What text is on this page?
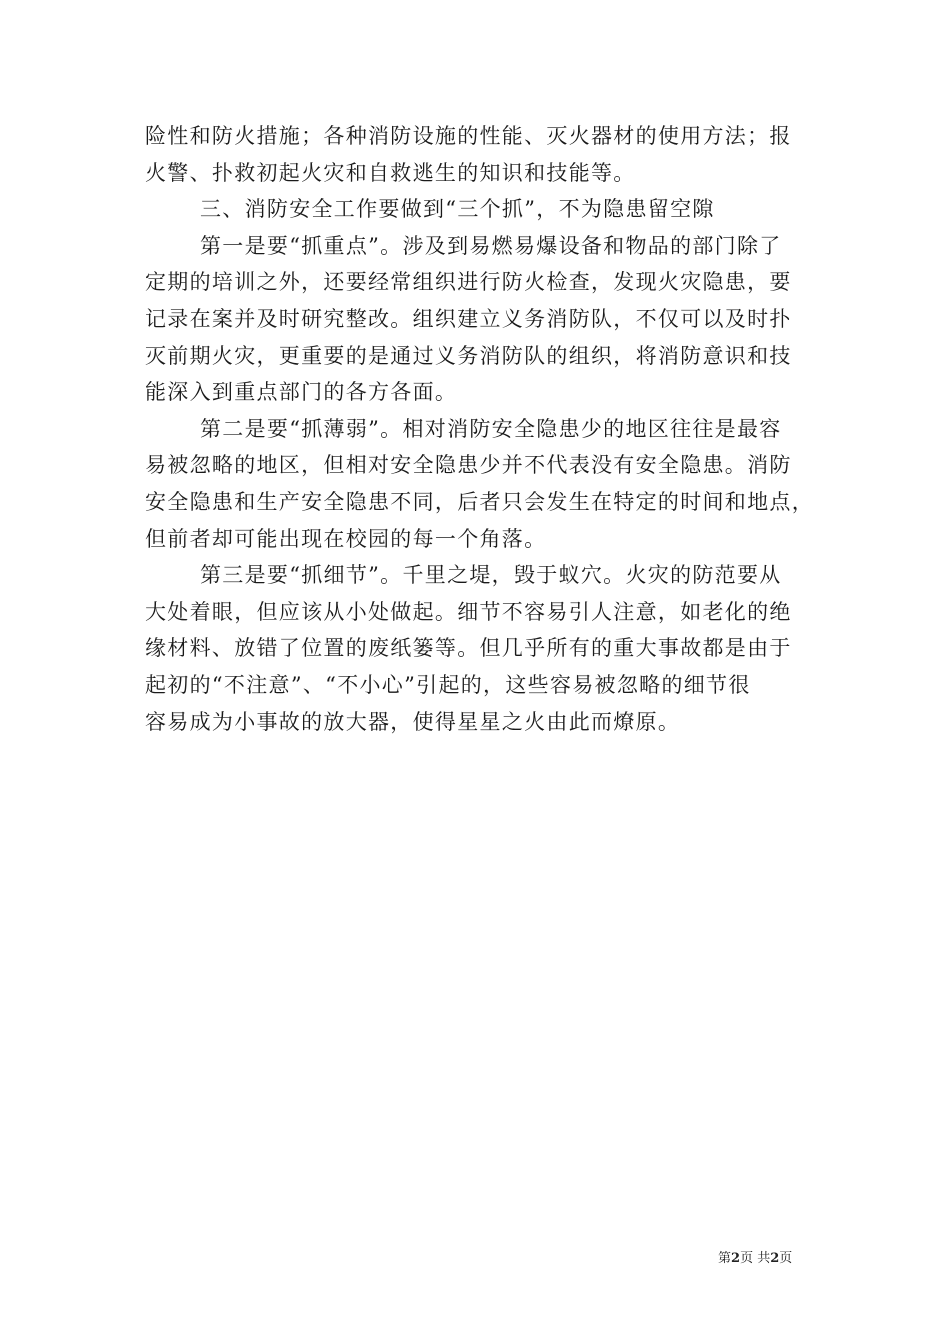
险性和防火措施；各种消防设施的性能、灭火器材的使用方法；报
火警、扑救初起火灾和自救逃生的知识和技能等。
三、消防安全工作要做到“三个抓”，不为隐患留空隙
第一是要“抓重点”。涉及到易燃易爆设备和物品的部门除了
定期的培训之外，还要经常组织进行防火检查，发现火灾隐患，要
记录在案并及时研究整改。组织建立义务消防队，不仅可以及时扑
灭前期火灾，更重要的是通过义务消防队的组织，将消防意识和技
能深入到重点部门的各方各面。
第二是要“抓薄弱”。相对消防安全隐患少的地区往往是最容
易被忽略的地区，但相对安全隐患少并不代表没有安全隐患。消防
安全隐患和生产安全隐患不同，后者只会发生在特定的时间和地点，
但前者却可能出现在校园的每一个角落。
第三是要“抓细节”。千里之堤，毁于蚁穴。火灾的防范要从
大处着眼，但应该从小处做起。细节不容易引人注意，如老化的绝
缘材料、放错了位置的废纸篓等。但几乎所有的重大事故都是由于
起初的“不注意”、“不小心”引起的，这些容易被忽略的细节很
容易成为小事故的放大器，使得星星之火由此而燎原。
第2页 共2页
